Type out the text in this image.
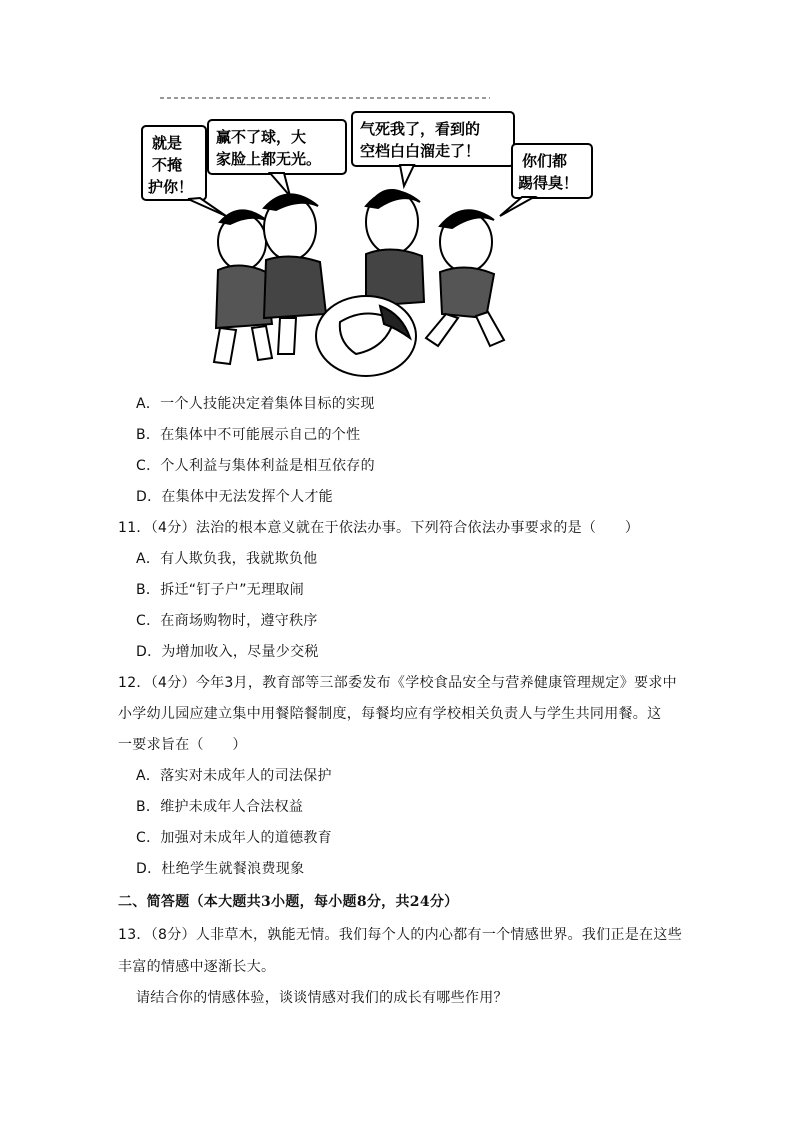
就是
不掩
护你！
赢不了球，大
家脸上都无光。
气死我了，看到的
空档白白溜走了！
你们都
踢得臭！
A．一个人技能决定着集体目标的实现
B．在集体中不可能展示自己的个性
C．个人利益与集体利益是相互依存的
D．在集体中无法发挥个人才能
11．（4分）法治的根本意义就在于依法办事。下列符合依法办事要求的是（　　）
A．有人欺负我，我就欺负他
B．拆迁“钉子户”无理取闹
C．在商场购物时，遵守秩序
D．为增加收入，尽量少交税
12．（4分）今年3月，教育部等三部委发布《学校食品安全与营养健康管理规定》要求中
小学幼儿园应建立集中用餐陪餐制度，每餐均应有学校相关负责人与学生共同用餐。这
一要求旨在（　　）
A．落实对未成年人的司法保护
B．维护未成年人合法权益
C．加强对未成年人的道德教育
D．杜绝学生就餐浪费现象
二、简答题（本大题共3小题，每小题8分，共24分）
13．（8分）人非草木，孰能无情。我们每个人的内心都有一个情感世界。我们正是在这些
丰富的情感中逐渐长大。
请结合你的情感体验，谈谈情感对我们的成长有哪些作用？
